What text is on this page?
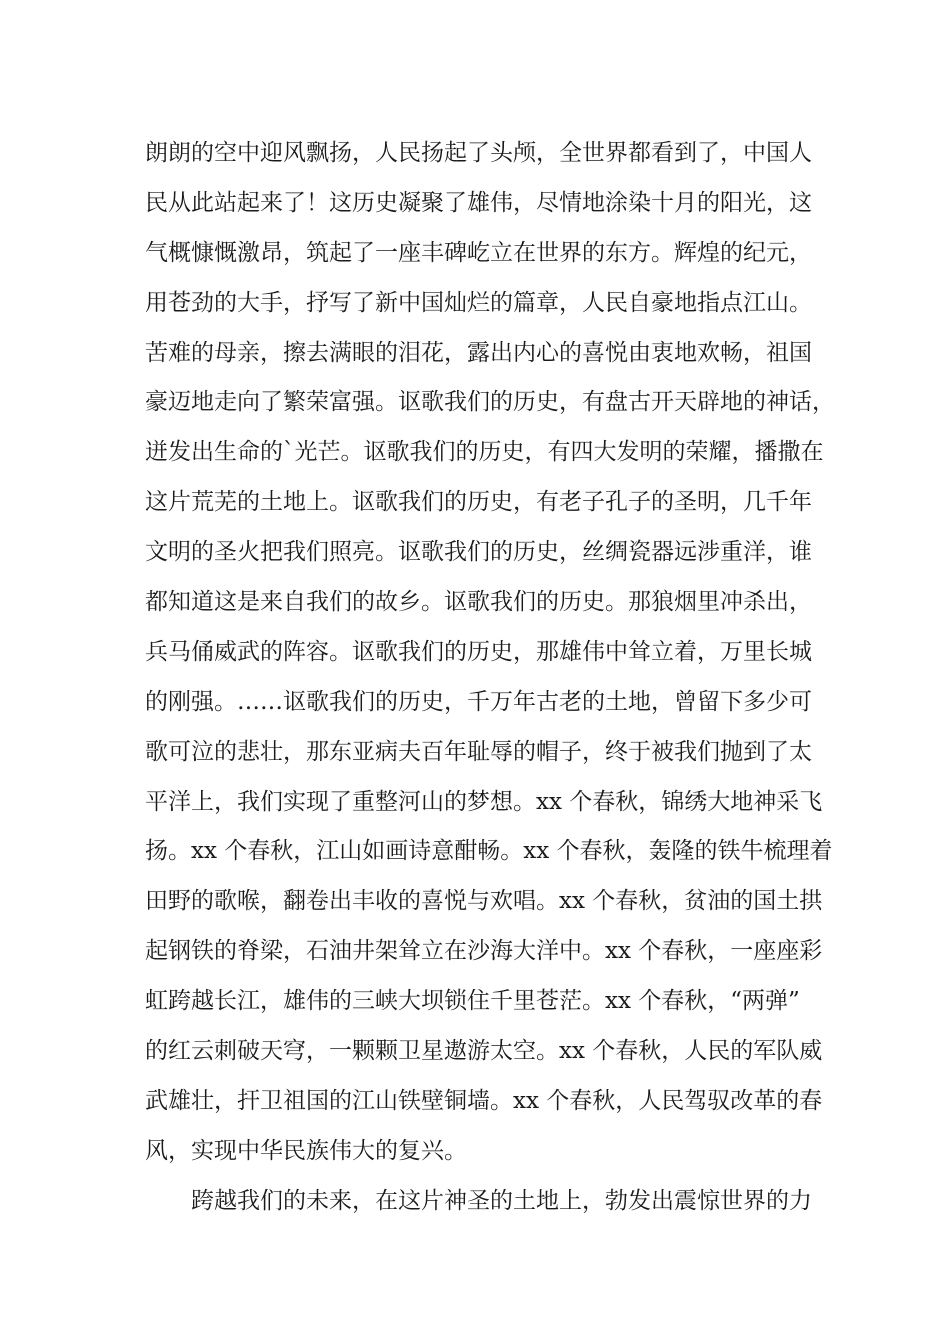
朗朗的空中迎风飘扬，人民扬起了头颅，全世界都看到了，中国人
民从此站起来了！这历史凝聚了雄伟，尽情地涂染十月的阳光，这
气概慷慨激昂，筑起了一座丰碑屹立在世界的东方。辉煌的纪元，
用苍劲的大手，抒写了新中国灿烂的篇章，人民自豪地指点江山。
苦难的母亲，擦去满眼的泪花，露出内心的喜悦由衷地欢畅，祖国
豪迈地走向了繁荣富强。讴歌我们的历史，有盘古开天辟地的神话，
迸发出生命的`光芒。讴歌我们的历史，有四大发明的荣耀，播撒在
这片荒芜的土地上。讴歌我们的历史，有老子孔子的圣明，几千年
文明的圣火把我们照亮。讴歌我们的历史，丝绸瓷器远涉重洋，谁
都知道这是来自我们的故乡。讴歌我们的历史。那狼烟里冲杀出，
兵马俑威武的阵容。讴歌我们的历史，那雄伟中耸立着，万里长城
的刚强。……讴歌我们的历史，千万年古老的土地，曾留下多少可
歌可泣的悲壮，那东亚病夫百年耻辱的帽子，终于被我们抛到了太
平洋上，我们实现了重整河山的梦想。xx 个春秋，锦绣大地神采飞
扬。xx 个春秋，江山如画诗意酣畅。xx 个春秋，轰隆的铁牛梳理着
田野的歌喉，翻卷出丰收的喜悦与欢唱。xx 个春秋，贫油的国土拱
起钢铁的脊梁，石油井架耸立在沙海大洋中。xx 个春秋，一座座彩
虹跨越长江，雄伟的三峡大坝锁住千里苍茫。xx 个春秋，“两弹”
的红云刺破天穹，一颗颗卫星遨游太空。xx 个春秋，人民的军队威
武雄壮，扞卫祖国的江山铁壁铜墙。xx 个春秋，人民驾驭改革的春
风，实现中华民族伟大的复兴。
跨越我们的未来，在这片神圣的土地上，勃发出震惊世界的力
